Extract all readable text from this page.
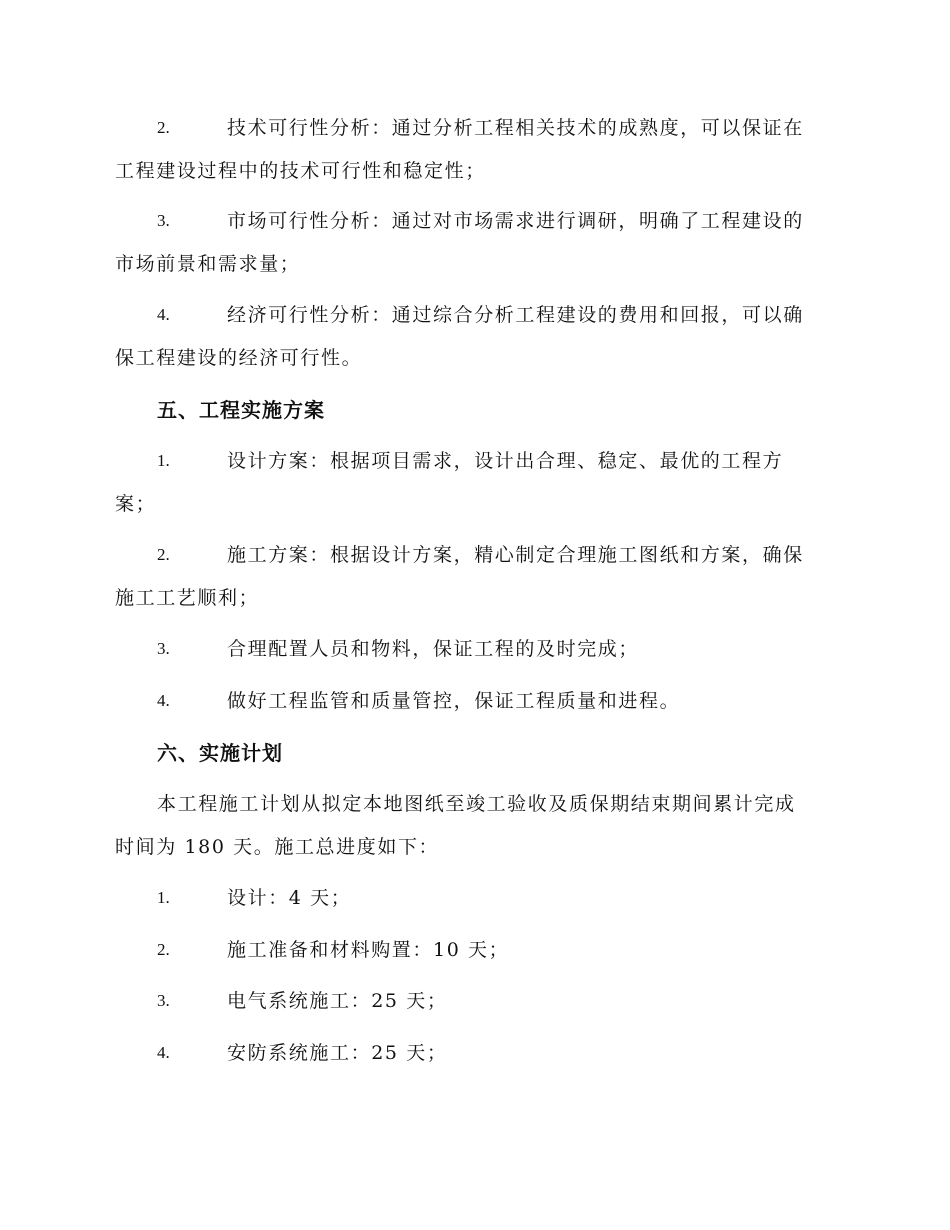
2.	技术可行性分析：通过分析工程相关技术的成熟度，可以保证在
工程建设过程中的技术可行性和稳定性；
3.	市场可行性分析：通过对市场需求进行调研，明确了工程建设的
市场前景和需求量；
4.	经济可行性分析：通过综合分析工程建设的费用和回报，可以确
保工程建设的经济可行性。
五、工程实施方案
1.	设计方案：根据项目需求，设计出合理、稳定、最优的工程方
案；
2.	施工方案：根据设计方案，精心制定合理施工图纸和方案，确保
施工工艺顺利；
3.	合理配置人员和物料，保证工程的及时完成；
4.	做好工程监管和质量管控，保证工程质量和进程。
六、实施计划
本工程施工计划从拟定本地图纸至竣工验收及质保期结束期间累计完成
时间为 180 天。施工总进度如下：
1.	设计：4 天；
2.	施工准备和材料购置：10 天；
3.	电气系统施工：25 天；
4.	安防系统施工：25 天；
